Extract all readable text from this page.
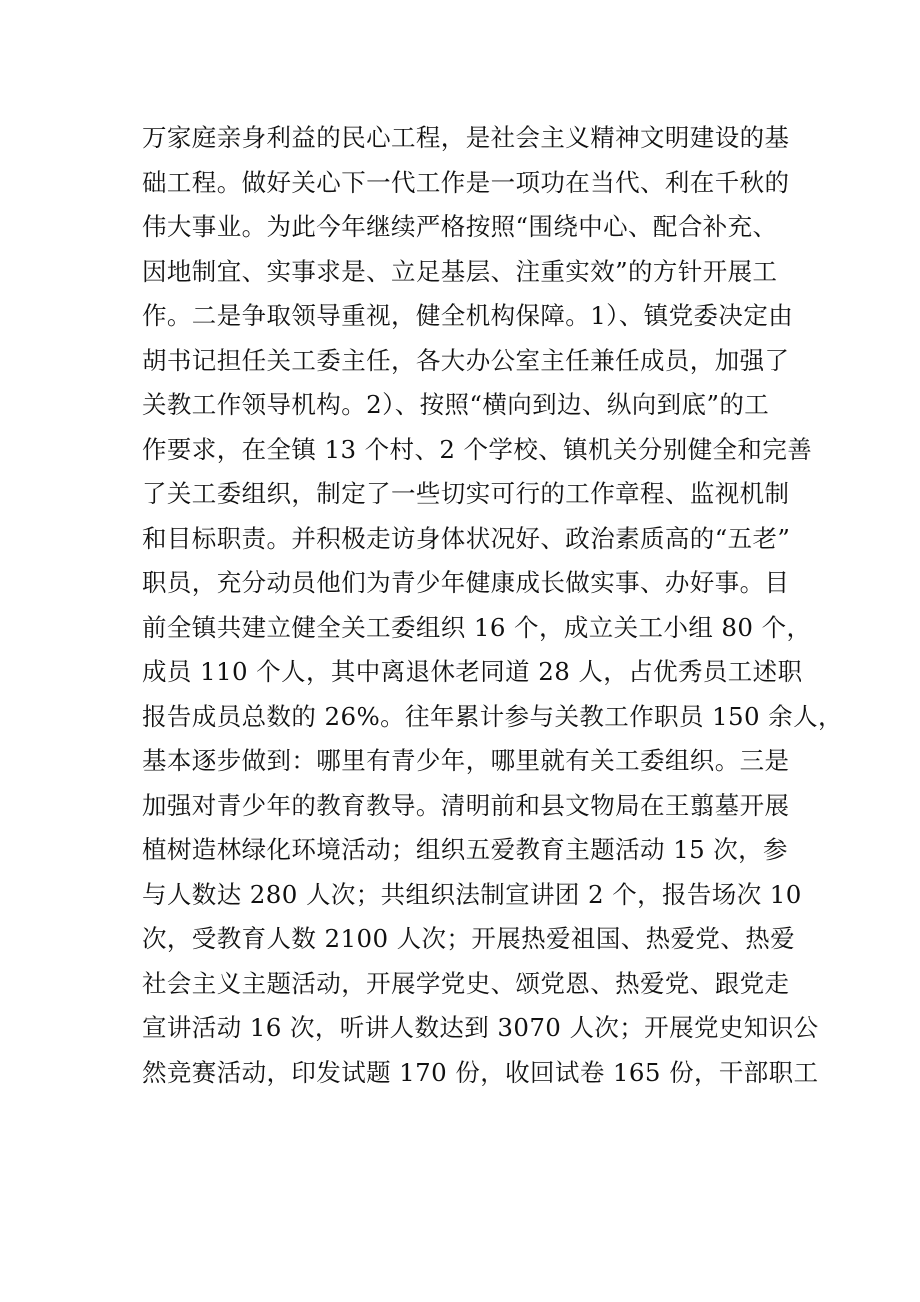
万家庭亲身利益的民心工程，是社会主义精神文明建设的基
础工程。做好关心下一代工作是一项功在当代、利在千秋的
伟大事业。为此今年继续严格按照“围绕中心、配合补充、
因地制宜、实事求是、立足基层、注重实效”的方针开展工
作。二是争取领导重视，健全机构保障。1）、镇党委决定由
胡书记担任关工委主任，各大办公室主任兼任成员，加强了
关教工作领导机构。2）、按照“横向到边、纵向到底”的工
作要求，在全镇 13 个村、2 个学校、镇机关分别健全和完善
了关工委组织，制定了一些切实可行的工作章程、监视机制
和目标职责。并积极走访身体状况好、政治素质高的“五老”
职员，充分动员他们为青少年健康成长做实事、办好事。目
前全镇共建立健全关工委组织 16 个，成立关工小组 80 个，
成员 110 个人，其中离退休老同道 28 人，占优秀员工述职
报告成员总数的 26%。往年累计参与关教工作职员 150 余人，
基本逐步做到：哪里有青少年，哪里就有关工委组织。三是
加强对青少年的教育教导。清明前和县文物局在王翦墓开展
植树造林绿化环境活动；组织五爱教育主题活动 15 次，参
与人数达 280 人次；共组织法制宣讲团 2 个，报告场次 10
次，受教育人数 2100 人次；开展热爱祖国、热爱党、热爱
社会主义主题活动，开展学党史、颂党恩、热爱党、跟党走
宣讲活动 16 次，听讲人数达到 3070 人次；开展党史知识公
然竞赛活动，印发试题 170 份，收回试卷 165 份，干部职工
